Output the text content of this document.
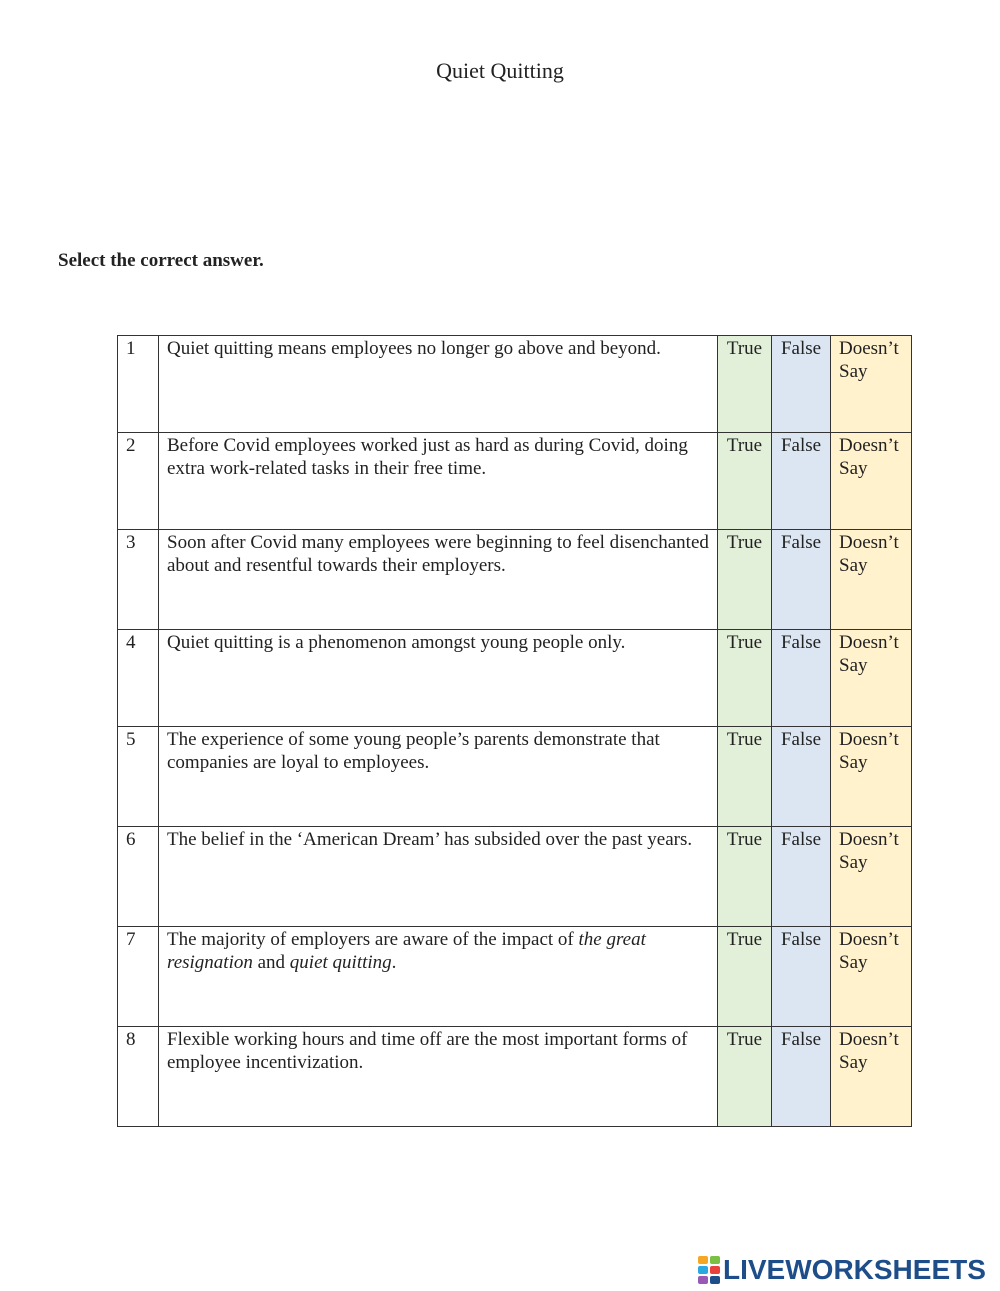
Quiet Quitting

Select the correct answer.

1	Quiet quitting means employees no longer go above and beyond.	True	False	Doesn’t
Say
2	Before Covid employees worked just as hard as during Covid, doing extra work-related tasks in their free time.	True	False	Doesn’t
Say
3	Soon after Covid many employees were beginning to feel disenchanted about and resentful towards their employers.	True	False	Doesn’t
Say
4	Quiet quitting is a phenomenon amongst young people only.	True	False	Doesn’t
Say
5	The experience of some young people’s parents demonstrate that companies are loyal to employees.	True	False	Doesn’t
Say
6	The belief in the ‘American Dream’ has subsided over the past years.	True	False	Doesn’t
Say
7	The majority of employers are aware of the impact of the great resignation and quiet quitting.	True	False	Doesn’t
Say
8	Flexible working hours and time off are the most important forms of employee incentivization.	True	False	Doesn’t
Say
LIVEWORKSHEETS
